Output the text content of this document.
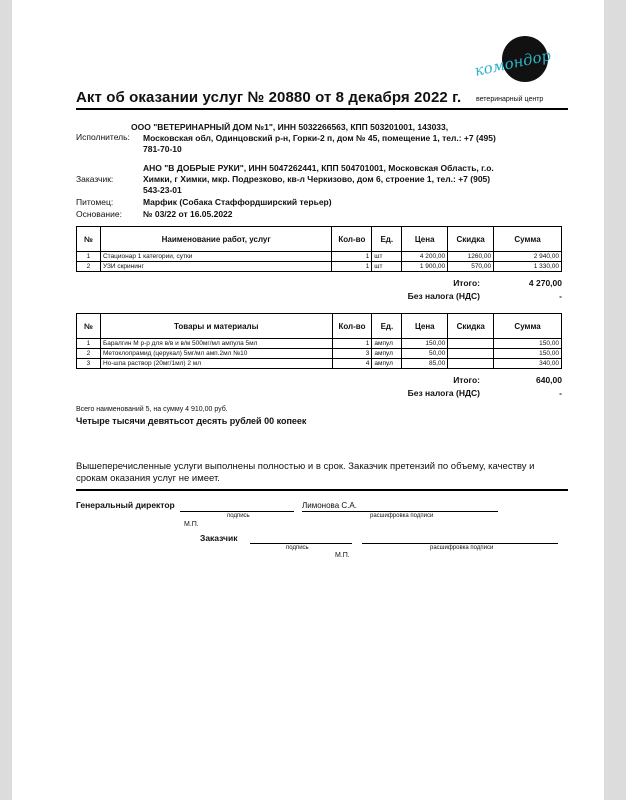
комондор
ветеринарный центр
Акт об оказании услуг № 20880 от 8 декабря 2022 г.
ООО "ВЕТЕРИНАРНЫЙ ДОМ №1", ИНН 5032266563, КПП 503201001, 143033,
Исполнитель: Московская обл, Одинцовский р-н, Горки-2 п, дом № 45, помещение 1, тел.: +7 (495)
781-70-10
АНО "В ДОБРЫЕ РУКИ", ИНН 5047262441, КПП 504701001, Московская Область, г.о.
Заказчик:	Химки, г Химки, мкр. Подрезково, кв-л Черкизово, дом 6, строение 1, тел.: +7 (905)
543-23-01
Питомец:	Марфик (Собака Стаффордширский терьер)
Основание: № 03/22 от 16.05.2022
№	Наименование работ, услуг	Кол-во	Ед.	Цена	Скидка	Сумма
1	Стационар 1 категории, сутки	1	шт	4 200,00	1260,00	2 940,00
2	УЗИ скрининг	1	шт	1 900,00	570,00	1 330,00
Итого:	4 270,00
Без налога (НДС)	-
№	Товары и материалы	Кол-во	Ед.	Цена	Скидка	Сумма
1	Баралгин М р-р для в/в и в/м 500мг/мл ампула 5мл	1	ампул	150,00		150,00
2	Метоклопрамид (церукал) 5мг/мл амп.2мл №10	3	ампул	50,00		150,00
3	Но-шпа раствор (20мг/1мл) 2 мл	4	ампул	85,00		340,00
Итого:	640,00
Без налога (НДС)	-
Всего наименований 5, на сумму 4 910,00 руб.
Четыре тысячи девятьсот десять рублей 00 копеек
Вышеперечисленные услуги выполнены полностью и в срок. Заказчик претензий по объему, качеству и
срокам оказания услуг не имеет.
Генеральный директор	Лимонова С.А.
подпись	расшифровка подписи
М.П.
Заказчик
подпись	расшифровка подписи
М.П.
